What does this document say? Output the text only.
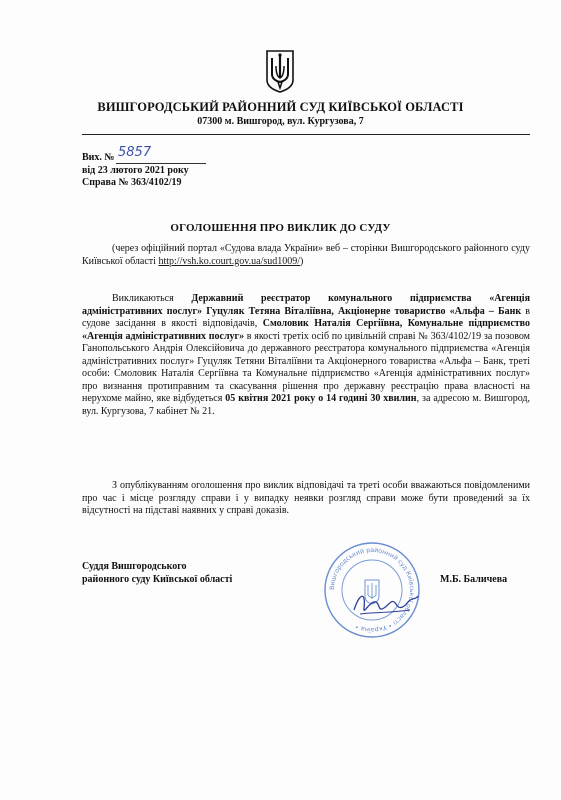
ВИШГОРОДСЬКИЙ РАЙОННИЙ СУД КИЇВСЬКОЇ ОБЛАСТІ
07300 м. Вишгород, вул. Кургузова, 7
Вих. № 5857
від 23 лютого 2021 року
Справа № 363/4102/19
ОГОЛОШЕННЯ ПРО ВИКЛИК ДО СУДУ
(через офіційний портал «Судова влада України» веб – сторінки Вишгородського районного суду Київської області http://vsh.ko.court.gov.ua/sud1009/)
Викликаються Державний реєстратор комунального підприємства «Агенція адміністративних послуг» Гуцуляк Тетяна Віталіївна, Акціонерне товариство «Альфа – Банк в судове засідання в якості відповідачів, Смоловик Наталія Сергіївна, Комунальне підприємство «Агенція адміністративних послуг» в якості третіх осіб по цивільній справі № 363/4102/19 за позовом Ганопольського Андрія Олексійовича до державного реєстратора комунального підприємства «Агенція адміністративних послуг» Гуцуляк Тетяни Віталіївни та Акціонерного товариства «Альфа – Банк, треті особи: Смоловик Наталія Сергіївна та Комунальне підприємство «Агенція адміністративних послуг» про визнання протиправним та скасування рішення про державну реєстрацію права власності на нерухоме майно, яке відбудеться 05 квітня 2021 року о 14 годині 30 хвилин, за адресою м. Вишгород, вул. Кургузова, 7 кабінет № 21.
З опублікуванням оголошення про виклик відповідачі та треті особи вважаються повідомленими про час і місце розгляду справи і у випадку неявки розгляд справи може бути проведений за їх відсутності на підставі наявних у справі доказів.
Суддя Вишгородського
районного суду Київської області
Вишгородський районний суд Київської області • Україна •
М.Б. Баличева
